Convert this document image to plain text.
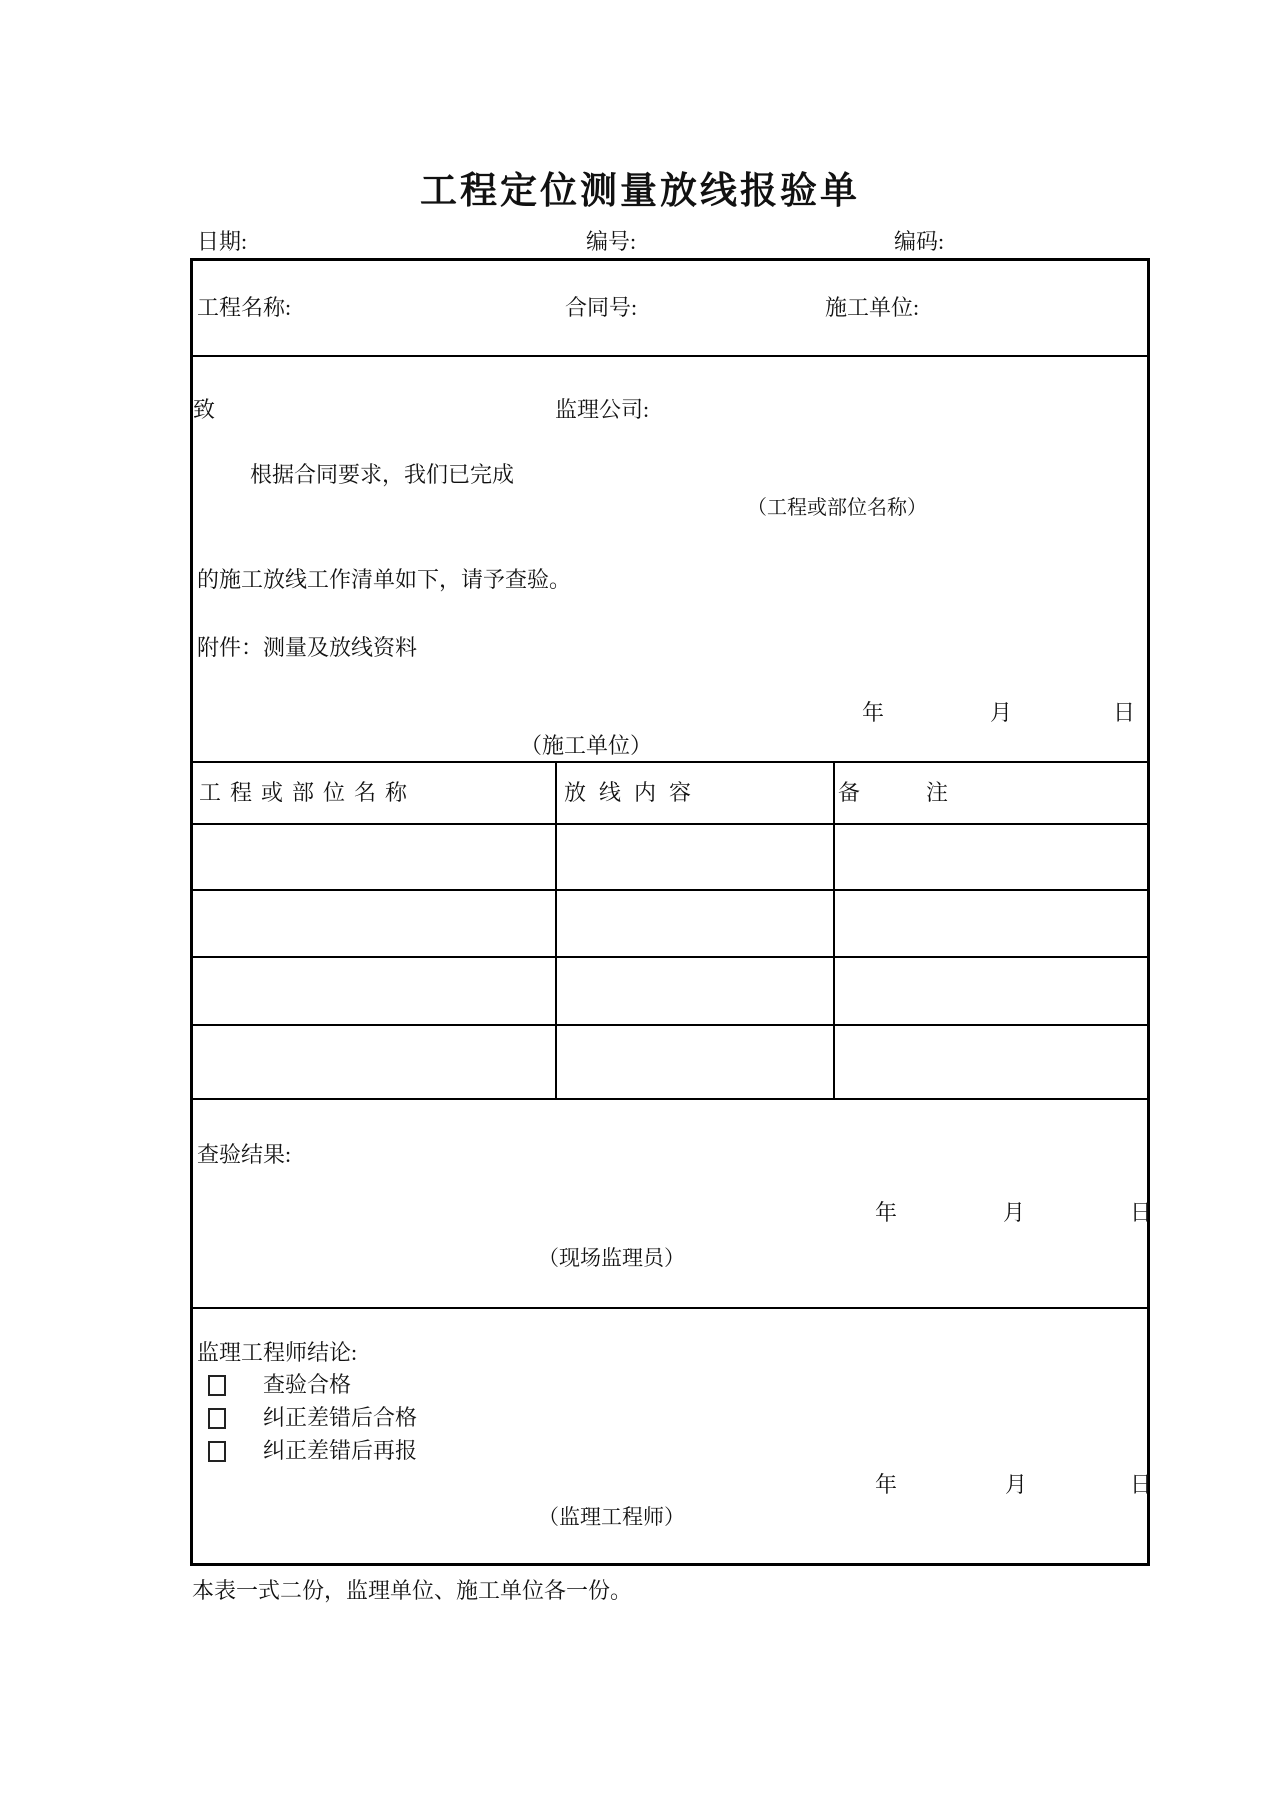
工程定位测量放线报验单
日期:	编号:	编码:
工程名称:	合同号:	施工单位:
致	监理公司:
根据合同要求，我们已完成
（工程或部位名称）
的施工放线工作清单如下，请予查验。
附件：测量及放线资料
年	月	日
（施工单位）
工程或部位名称	放线内容	备注
查验结果:
年	月	日
（现场监理员）
监理工程师结论:
查验合格
纠正差错后合格
纠正差错后再报
年	月	日
（监理工程师）
本表一式二份，监理单位、施工单位各一份。
